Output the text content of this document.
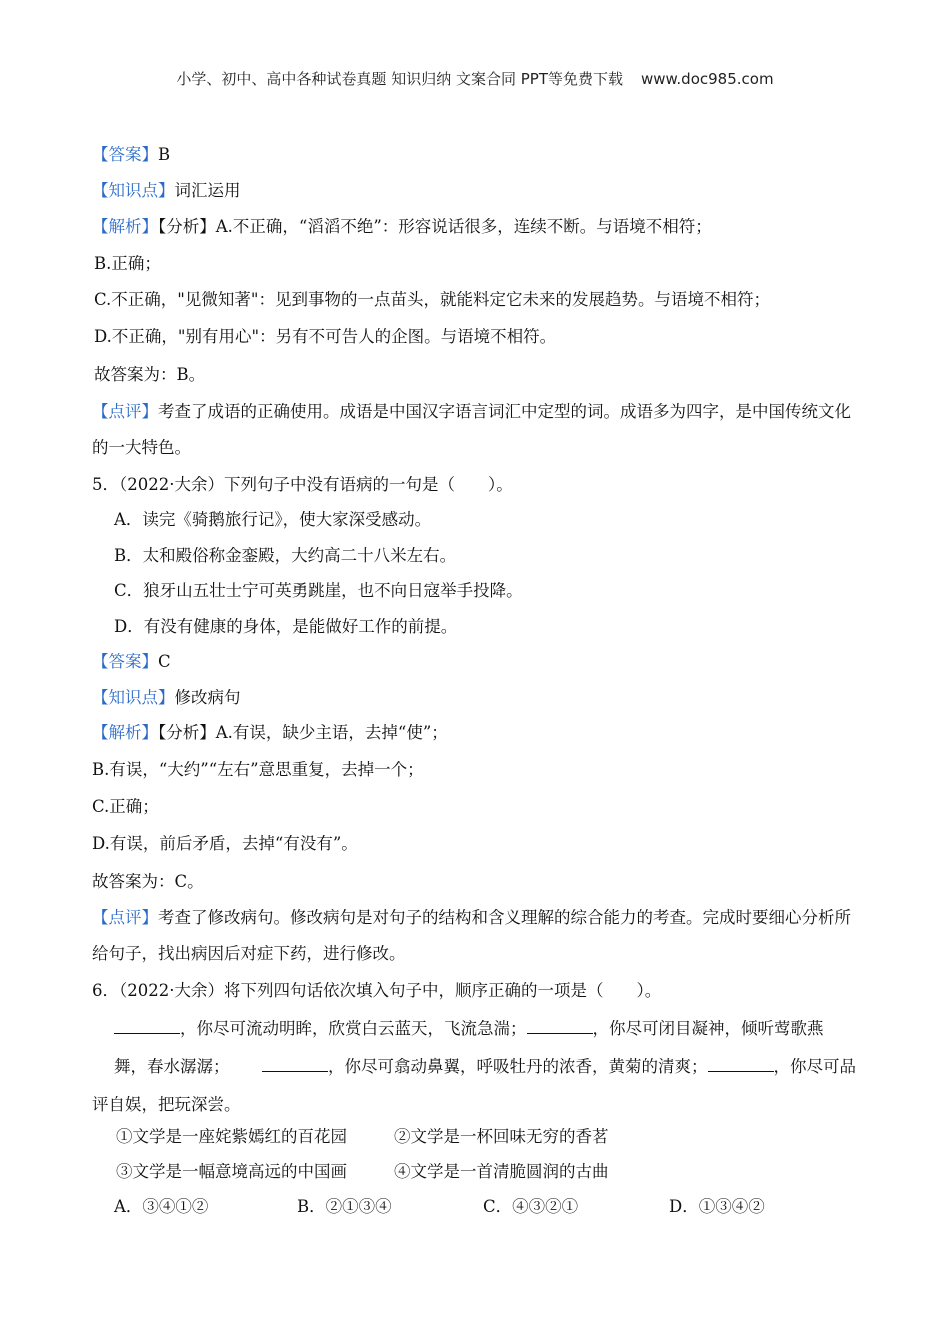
小学、初中、高中各种试卷真题 知识归纳 文案合同 PPT等免费下载 www.doc985.com
【答案】B
【知识点】词汇运用
【解析】【分析】A.不正确，“滔滔不绝”：形容说话很多，连续不断。与语境不相符；
B.正确；
C.不正确，"见微知著"：见到事物的一点苗头，就能料定它未来的发展趋势。与语境不相符；
D.不正确，"别有用心"：另有不可告人的企图。与语境不相符。
故答案为：B。
【点评】考查了成语的正确使用。成语是中国汉字语言词汇中定型的词。成语多为四字，是中国传统文化的一大特色。
5．（2022·大余）下列句子中没有语病的一句是（　　）。
A．读完《骑鹅旅行记》，使大家深受感动。
B．太和殿俗称金銮殿，大约高二十八米左右。
C．狼牙山五壮士宁可英勇跳崖，也不向日寇举手投降。
D．有没有健康的身体，是能做好工作的前提。
【答案】C
【知识点】修改病句
【解析】【分析】A.有误，缺少主语，去掉“使”；
B.有误，“大约”“左右”意思重复，去掉一个；
C.正确；
D.有误，前后矛盾，去掉“有没有”。
故答案为：C。
【点评】考查了修改病句。修改病句是对句子的结构和含义理解的综合能力的考查。完成时要细心分析所给句子，找出病因后对症下药，进行修改。
6．（2022·大余）将下列四句话依次填入句子中，顺序正确的一项是（　　）。
，你尽可流动明眸，欣赏白云蓝天，飞流急湍；	，你尽可闭目凝神，倾听莺歌燕舞，春水潺潺；	，你尽可翕动鼻翼，呼吸牡丹的浓香，黄菊的清爽；	，你尽可品评自娱，把玩深尝。
①文学是一座姹紫嫣红的百花园	②文学是一杯回味无穷的香茗
③文学是一幅意境高远的中国画	④文学是一首清脆圆润的古曲
A．③④①②	B．②①③④	C．④③②①	D．①③④②
